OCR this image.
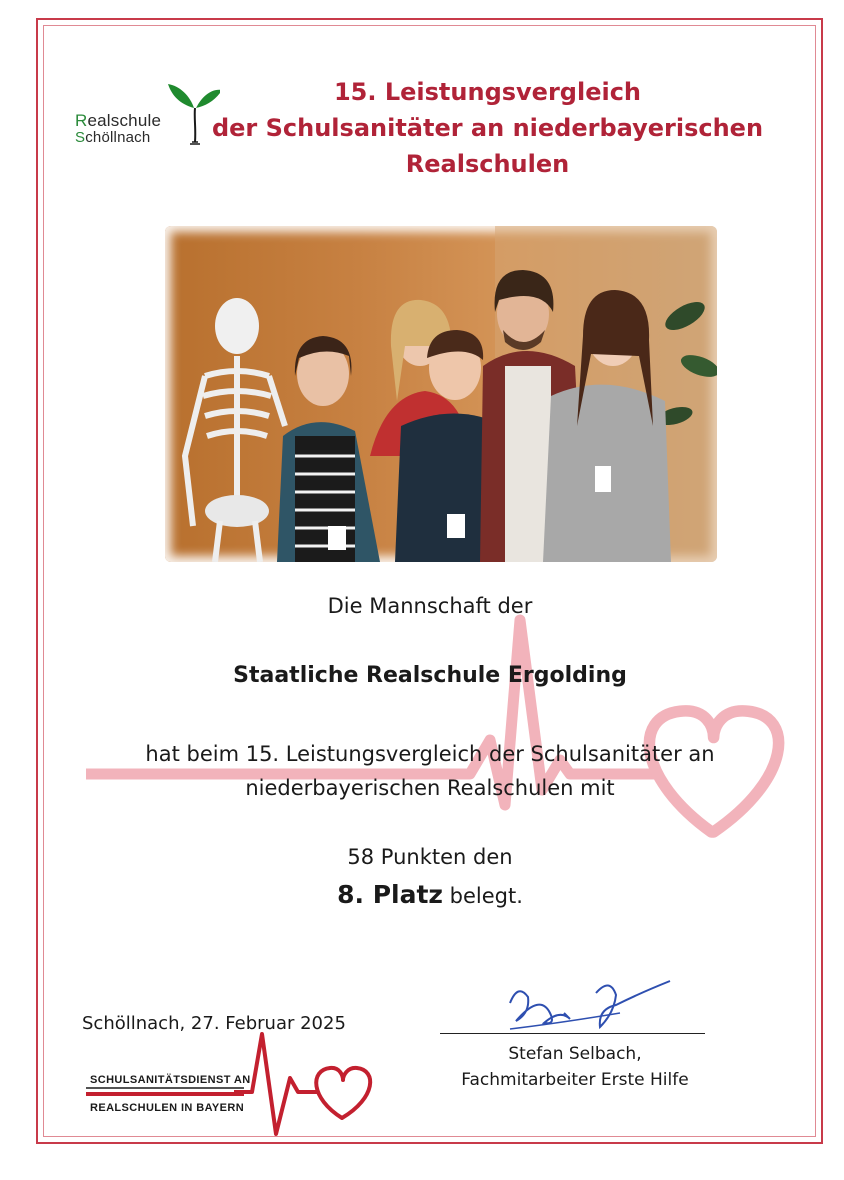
Realschule
Schöllnach
15. Leistungsvergleich
der Schulsanitäter an niederbayerischen
Realschulen
Die Mannschaft der
Staatliche Realschule Ergolding
hat beim 15. Leistungsvergleich der Schulsanitäter an
niederbayerischen Realschulen mit
58 Punkten den
8. Platz belegt.
Schöllnach, 27. Februar 2025
Stefan Selbach,
Fachmitarbeiter Erste Hilfe
SCHULSANITÄTSDIENST AN
REALSCHULEN IN BAYERN
